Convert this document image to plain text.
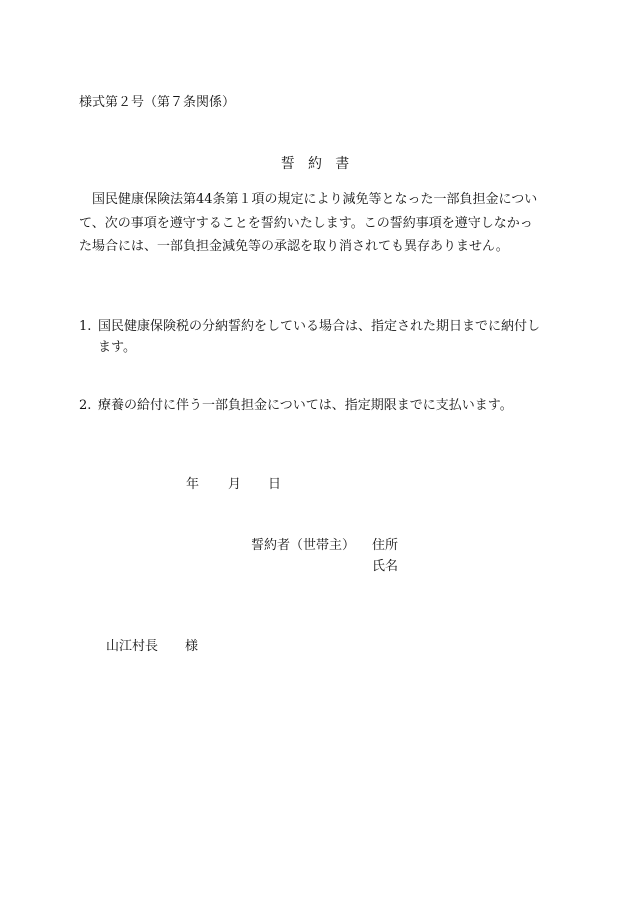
様式第２号（第７条関係）
誓約書
国民健康保険法第44条第１項の規定により減免等となった一部負担金につい
て、次の事項を遵守することを誓約いたします。この誓約事項を遵守しなかっ
た場合には、一部負担金減免等の承認を取り消されても異存ありません。
1. 国民健康保険税の分納誓約をしている場合は、指定された期日までに納付し
ます。
2. 療養の給付に伴う一部負担金については、指定期限までに支払います。
年 月 日
誓約者（世帯主） 住所
氏名
山江村長 様
